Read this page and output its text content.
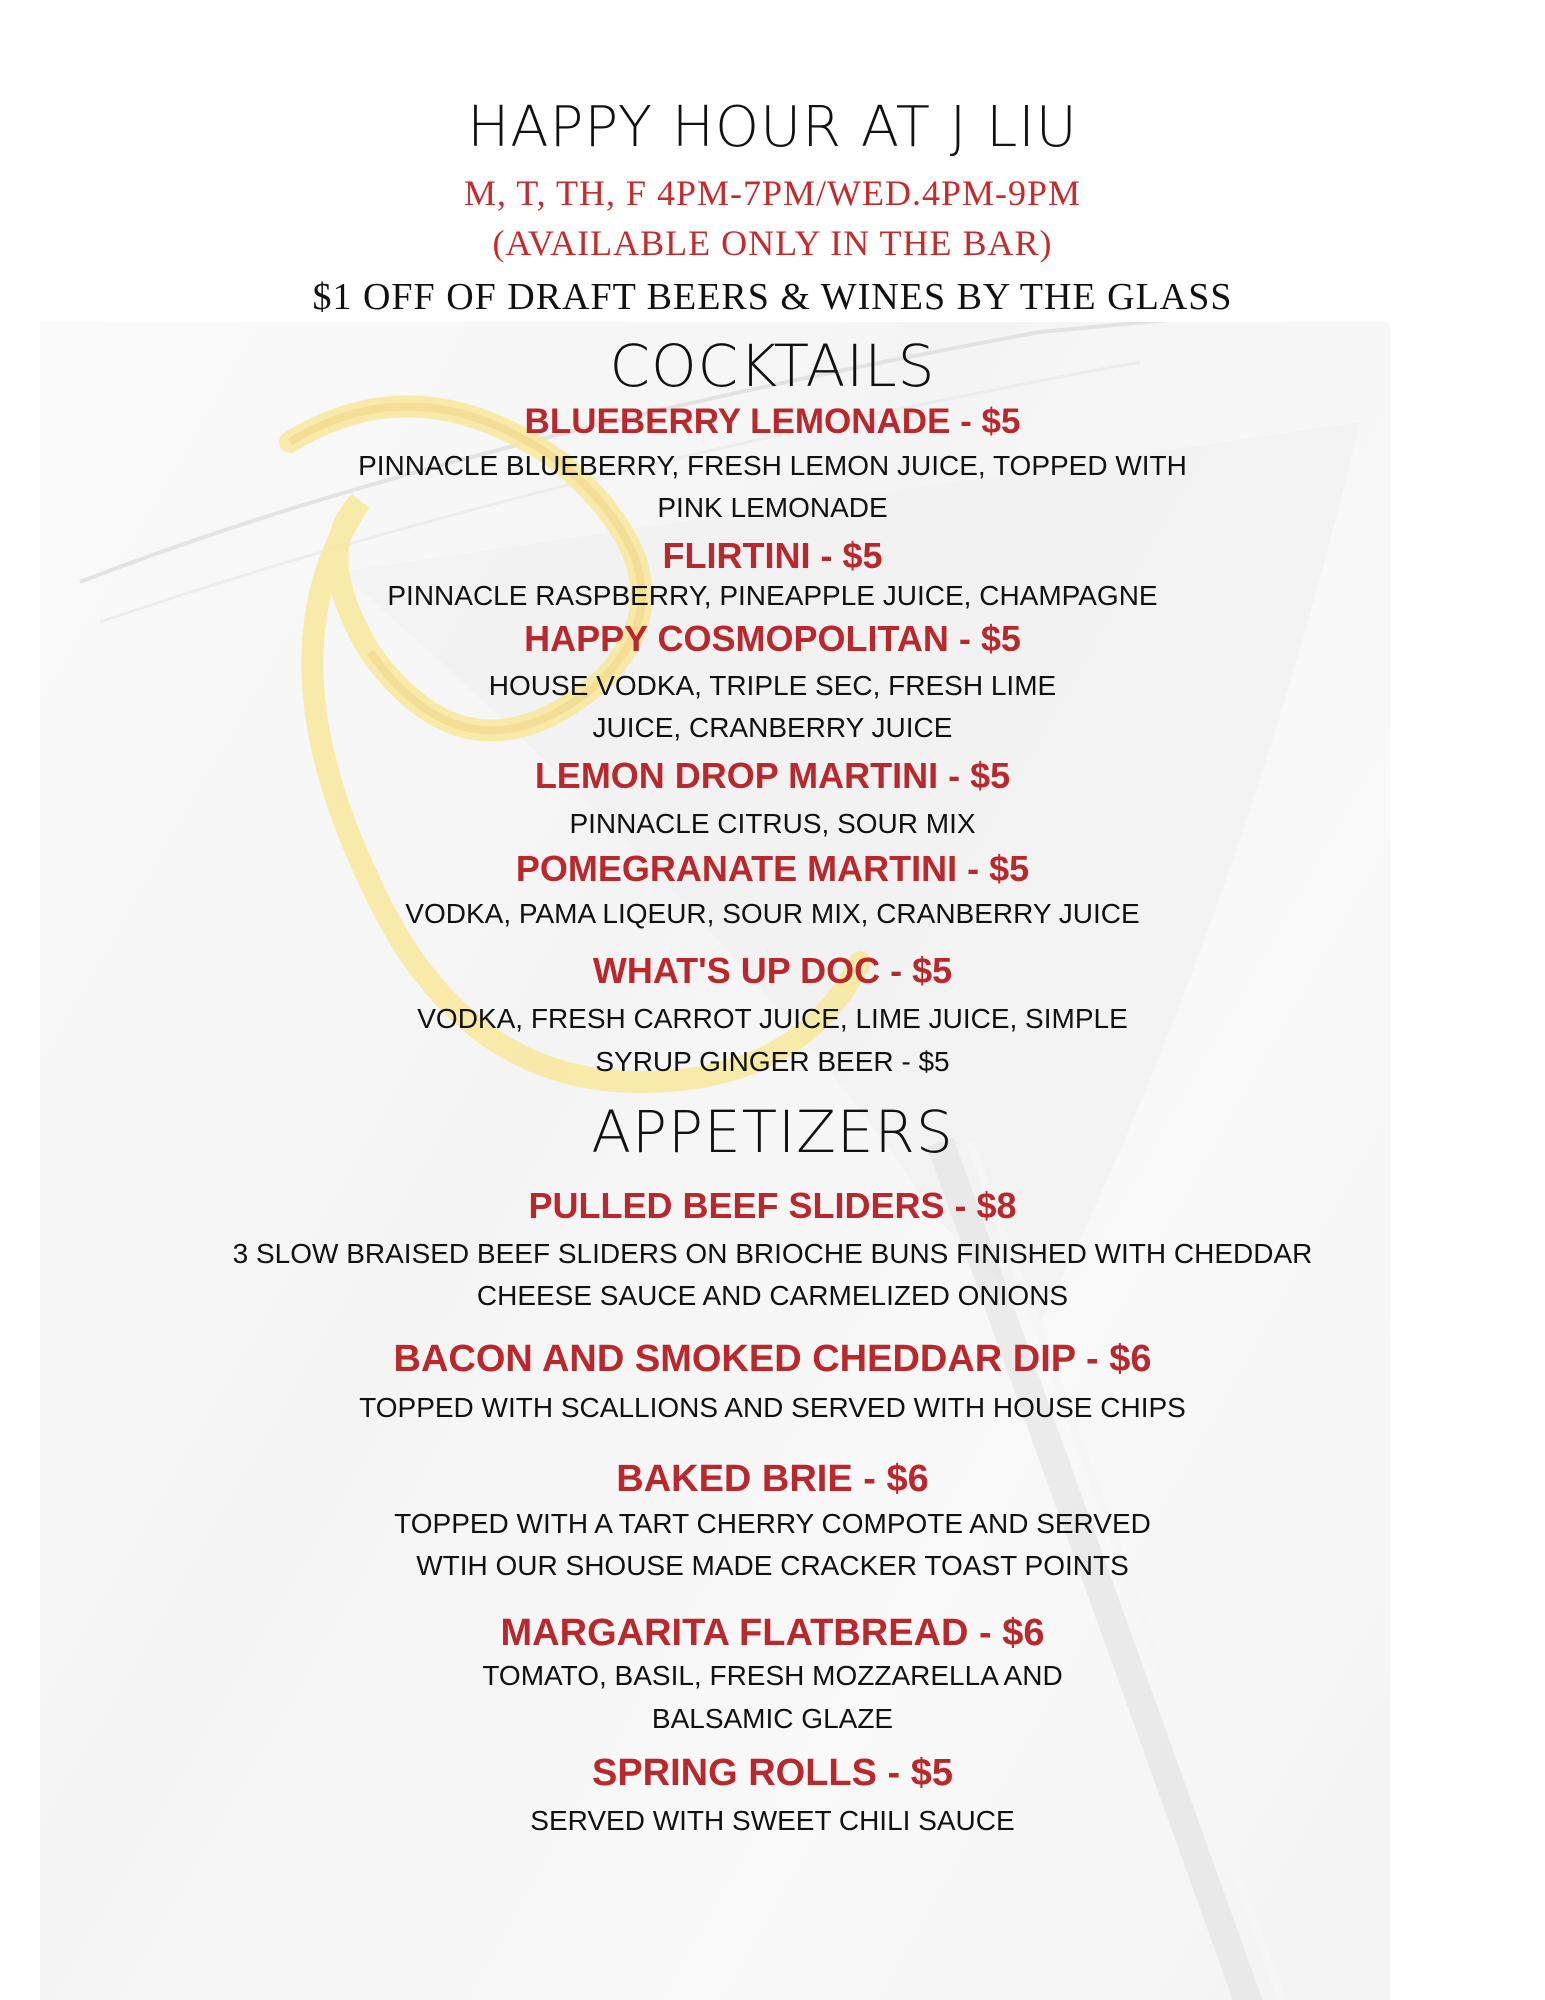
HAPPY HOUR AT J LIU

M, T, TH, F 4PM-7PM/WED.4PM-9PM

(AVAILABLE ONLY IN THE BAR)

$1 OFF OF DRAFT BEERS & WINES BY THE GLASS

COCKTAILS

BLUEBERRY LEMONADE - $5

PINNACLE BLUEBERRY, FRESH LEMON JUICE, TOPPED WITH

PINK LEMONADE

FLIRTINI - $5

PINNACLE RASPBERRY, PINEAPPLE JUICE, CHAMPAGNE

HAPPY COSMOPOLITAN - $5

HOUSE VODKA, TRIPLE SEC, FRESH LIME

JUICE, CRANBERRY JUICE

LEMON DROP MARTINI - $5

PINNACLE CITRUS, SOUR MIX

POMEGRANATE MARTINI - $5

VODKA, PAMA LIQEUR, SOUR MIX, CRANBERRY JUICE

WHAT'S UP DOC - $5

VODKA, FRESH CARROT JUICE, LIME JUICE, SIMPLE

SYRUP GINGER BEER - $5

APPETIZERS

PULLED BEEF SLIDERS - $8

3 SLOW BRAISED BEEF SLIDERS ON BRIOCHE BUNS FINISHED WITH CHEDDAR

CHEESE SAUCE AND CARMELIZED ONIONS

BACON AND SMOKED CHEDDAR DIP - $6

TOPPED WITH SCALLIONS AND SERVED WITH HOUSE CHIPS

BAKED BRIE - $6

TOPPED WITH A TART CHERRY COMPOTE AND SERVED

WTIH OUR SHOUSE MADE CRACKER TOAST POINTS

MARGARITA FLATBREAD - $6

TOMATO, BASIL, FRESH MOZZARELLA AND

BALSAMIC GLAZE

SPRING ROLLS - $5

SERVED WITH SWEET CHILI SAUCE
